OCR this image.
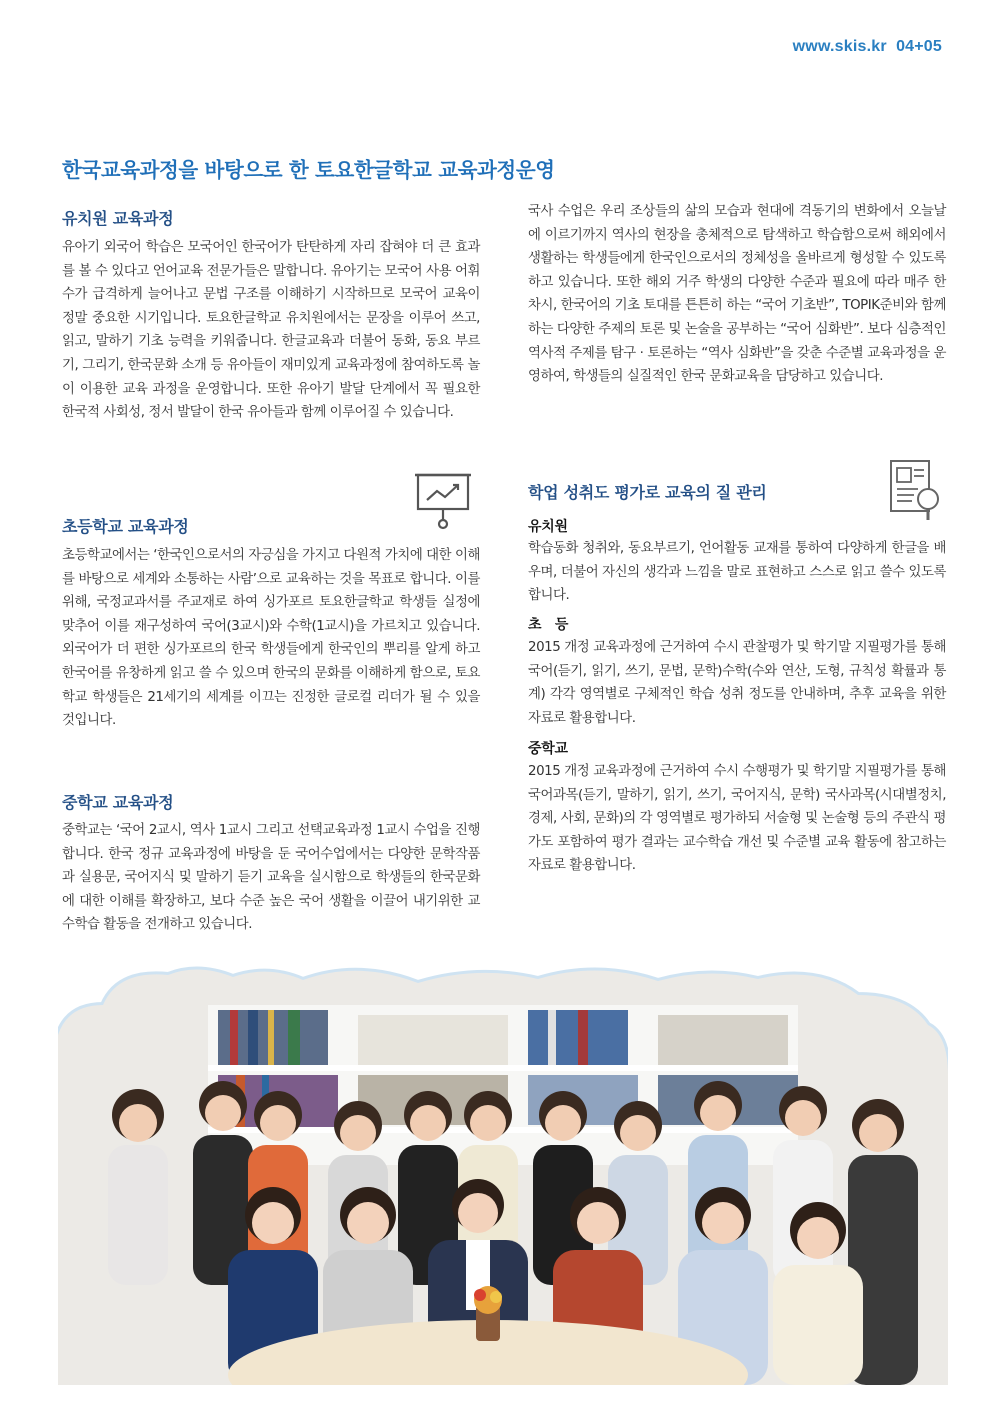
www.skis.kr 04+05
한국교육과정을 바탕으로 한 토요한글학교 교육과정운영
유치원 교육과정

유아기 외국어 학습은 모국어인 한국어가 탄탄하게 자리 잡혀야 더 큰 효과를 볼 수 있다고 언어교육 전문가들은 말합니다. 유아기는 모국어 사용 어휘 수가 급격하게 늘어나고 문법 구조를 이해하기 시작하므로 모국어 교육이 정말 중요한 시기입니다. 토요한글학교 유치원에서는 문장을 이루어 쓰고, 읽고, 말하기 기초 능력을 키워줍니다. 한글교육과 더불어 동화, 동요 부르기, 그리기, 한국문화 소개 등 유아들이 재미있게 교육과정에 참여하도록 놀이 이용한 교육 과정을 운영합니다. 또한 유아기 발달 단계에서 꼭 필요한 한국적 사회성, 정서 발달이 한국 유아들과 함께 이루어질 수 있습니다.

초등학교 교육과정

초등학교에서는 ‘한국인으로서의 자긍심을 가지고 다원적 가치에 대한 이해를 바탕으로 세계와 소통하는 사람’으로 교육하는 것을 목표로 합니다. 이를 위해, 국정교과서를 주교재로 하여 싱가포르 토요한글학교 학생들 실정에 맞추어 이를 재구성하여 국어(3교시)와 수학(1교시)을 가르치고 있습니다. 외국어가 더 편한 싱가포르의 한국 학생들에게 한국인의 뿌리를 알게 하고 한국어를 유창하게 읽고 쓸 수 있으며 한국의 문화를 이해하게 함으로, 토요학교 학생들은 21세기의 세계를 이끄는 진정한 글로컬 리더가 될 수 있을 것입니다.

중학교 교육과정

중학교는 ‘국어 2교시, 역사 1교시 그리고 선택교육과정 1교시 수업을 진행합니다. 한국 정규 교육과정에 바탕을 둔 국어수업에서는 다양한 문학작품과 실용문, 국어지식 및 말하기 듣기 교육을 실시함으로 학생들의 한국문화에 대한 이해를 확장하고, 보다 수준 높은 국어 생활을 이끌어 내기위한 교수학습 활동을 전개하고 있습니다.

국사 수업은 우리 조상들의 삶의 모습과 현대에 격동기의 변화에서 오늘날에 이르기까지 역사의 현장을 총체적으로 탐색하고 학습함으로써 해외에서 생활하는 학생들에게 한국인으로서의 정체성을 올바르게 형성할 수 있도록 하고 있습니다. 또한 해외 거주 학생의 다양한 수준과 필요에 따라 매주 한 차시, 한국어의 기초 토대를 튼튼히 하는 “국어 기초반”, TOPIK준비와 함께 하는 다양한 주제의 토론 및 논술을 공부하는 “국어 심화반”. 보다 심층적인 역사적 주제를 탐구 · 토론하는 “역사 심화반”을 갖춘 수준별 교육과정을 운영하여, 학생들의 실질적인 한국 문화교육을 담당하고 있습니다.

학업 성취도 평가로 교육의 질 관리
유치원

학습동화 청취와, 동요부르기, 언어활동 교재를 통하여 다양하게 한글을 배우며, 더불어 자신의 생각과 느낌을 말로 표현하고 스스로 읽고 쓸수 있도록 합니다.

초　등

2015 개정 교육과정에 근거하여 수시 관찰평가 및 학기말 지필평가를 통해 국어(듣기, 읽기, 쓰기, 문법, 문학)수학(수와 연산, 도형, 규칙성 확률과 통계) 각각 영역별로 구체적인 학습 성취 정도를 안내하며, 추후 교육을 위한 자료로 활용합니다.

중학교

2015 개정 교육과정에 근거하여 수시 수행평가 및 학기말 지필평가를 통해 국어과목(듣기, 말하기, 읽기, 쓰기, 국어지식, 문학) 국사과목(시대별정치, 경제, 사회, 문화)의 각 영역별로 평가하되 서술형 및 논술형 등의 주관식 평가도 포함하여 평가 결과는 교수학습 개선 및 수준별 교육 활동에 참고하는 자료로 활용합니다.
